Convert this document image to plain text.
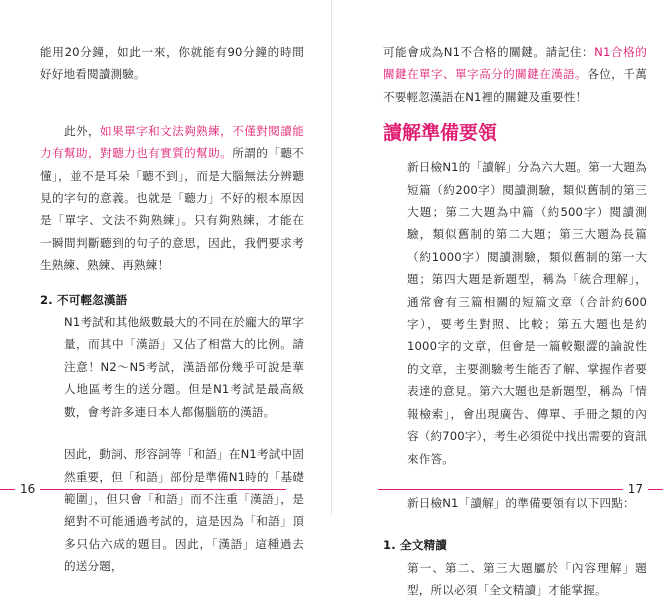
能用20分鐘，如此一來，你就能有90分鐘的時間好好地看閱讀測驗。

此外，如果單字和文法夠熟練，不僅對閱讀能力有幫助，對聽力也有實質的幫助。所謂的「聽不懂」，並不是耳朵「聽不到」，而是大腦無法分辨聽見的字句的意義。也就是「聽力」不好的根本原因是「單字、文法不夠熟練」。只有夠熟練，才能在一瞬間判斷聽到的句子的意思，因此，我們要求考生熟練、熟練、再熟練！

2. 不可輕忽漢語

N1考試和其他級數最大的不同在於龐大的單字量，而其中「漢語」又佔了相當大的比例。請注意！N2～N5考試，漢語部份幾乎可說是華人地區考生的送分題。但是N1考試是最高級數，會考許多連日本人都傷腦筋的漢語。

因此，動詞、形容詞等「和語」在N1考試中固然重要，但「和語」部份是準備N1時的「基礎範圍」，但只會「和語」而不注重「漢語」，是絕對不可能通過考試的，這是因為「和語」頂多只佔六成的題目。因此，「漢語」這種過去的送分題，

16

可能會成為N1不合格的關鍵。請記住：N1合格的關鍵在單字、單字高分的關鍵在漢語。各位，千萬不要輕忽漢語在N1裡的關鍵及重要性！

讀解準備要領

新日檢N1的「讀解」分為六大題。第一大題為短篇（約200字）閱讀測驗，類似舊制的第三大題；第二大題為中篇（約500字）閱讀測驗，類似舊制的第二大題；第三大題為長篇（約1000字）閱讀測驗，類似舊制的第一大題；第四大題是新題型，稱為「統合理解」，通常會有三篇相關的短篇文章（合計約600字），要考生對照、比較；第五大題也是約1000字的文章，但會是一篇較艱澀的論說性的文章，主要測驗考生能否了解、掌握作者要表達的意見。第六大題也是新題型，稱為「情報檢索」，會出現廣告、傳單、手冊之類的內容（約700字），考生必須從中找出需要的資訊來作答。

新日檢N1「讀解」的準備要領有以下四點：

1. 全文精讀

第一、第二、第三大題屬於「內容理解」題型，所以必須「全文精讀」才能掌握。

17
